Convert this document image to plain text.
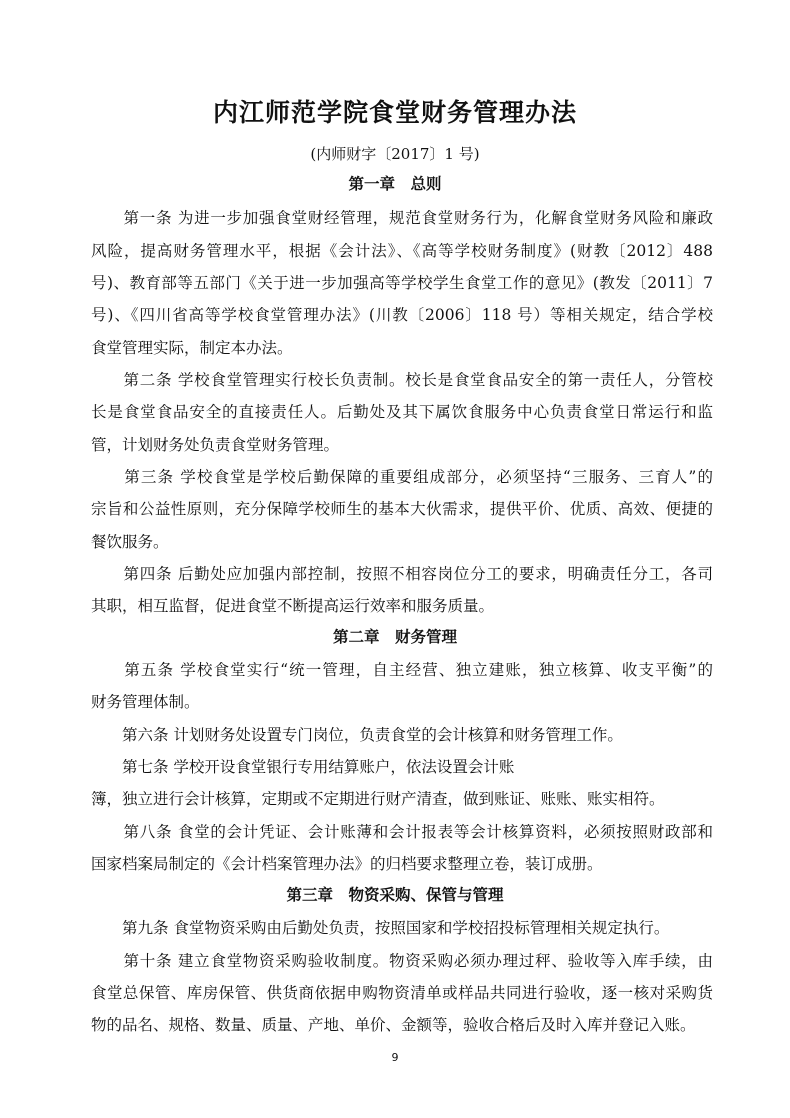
内江师范学院食堂财务管理办法
(内师财字〔2017〕1 号)
第一章　总则
　　第一条 为进一步加强食堂财经管理，规范食堂财务行为，化解食堂财务风险和廉政
风险，提高财务管理水平，根据《会计法》、《高等学校财务制度》(财教〔2012〕488
号)、教育部等五部门《关于进一步加强高等学校学生食堂工作的意见》(教发〔2011〕7
号)、《四川省高等学校食堂管理办法》(川教〔2006〕118 号）等相关规定，结合学校
食堂管理实际，制定本办法。
　　第二条 学校食堂管理实行校长负责制。校长是食堂食品安全的第一责任人，分管校
长是食堂食品安全的直接责任人。后勤处及其下属饮食服务中心负责食堂日常运行和监
管，计划财务处负责食堂财务管理。
　　第三条 学校食堂是学校后勤保障的重要组成部分，必须坚持“三服务、三育人”的
宗旨和公益性原则，充分保障学校师生的基本大伙需求，提供平价、优质、高效、便捷的
餐饮服务。
　　第四条 后勤处应加强内部控制，按照不相容岗位分工的要求，明确责任分工，各司
其职，相互监督，促进食堂不断提高运行效率和服务质量。
第二章　财务管理
　　第五条 学校食堂实行“统一管理，自主经营、独立建账，独立核算、收支平衡”的
财务管理体制。
　　第六条 计划财务处设置专门岗位，负责食堂的会计核算和财务管理工作。
　　第七条 学校开设食堂银行专用结算账户，依法设置会计账
簿，独立进行会计核算，定期或不定期进行财产清查，做到账证、账账、账实相符。
　　第八条 食堂的会计凭证、会计账薄和会计报表等会计核算资料，必须按照财政部和
国家档案局制定的《会计档案管理办法》的归档要求整理立卷，装订成册。
第三章　物资采购、保管与管理
　　第九条 食堂物资采购由后勤处负责，按照国家和学校招投标管理相关规定执行。
　　第十条 建立食堂物资采购验收制度。物资采购必须办理过秤、验收等入库手续，由
食堂总保管、库房保管、供货商依据申购物资清单或样品共同进行验收，逐一核对采购货
9
物的品名、规格、数量、质量、产地、单价、金额等，验收合格后及时入库并登记入账。
